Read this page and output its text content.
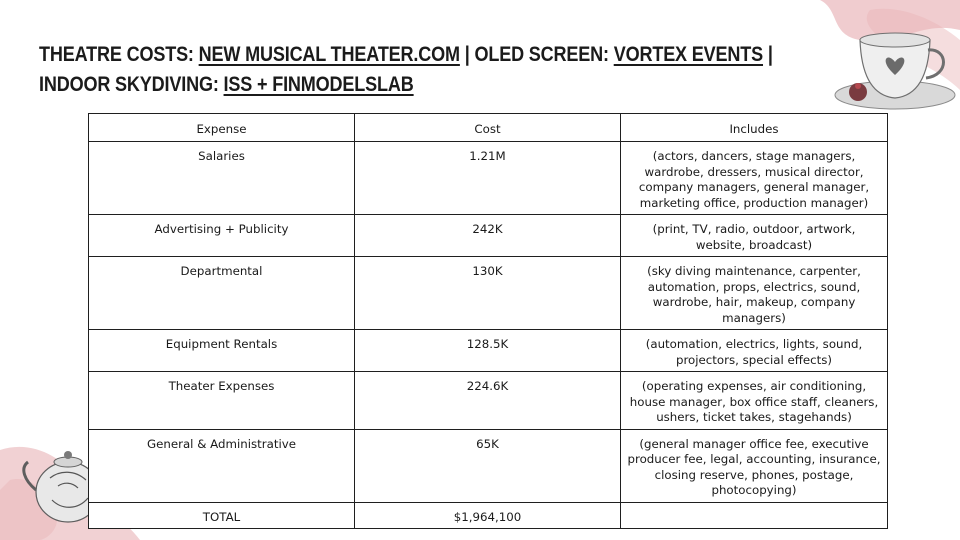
THEATRE COSTS: NEW MUSICAL THEATER.COM | OLED SCREEN: VORTEX EVENTS | INDOOR SKYDIVING: ISS + FINMODELSLAB
Expense	Cost	Includes
Salaries	1.21M	(actors, dancers, stage managers, wardrobe, dressers, musical director, company managers, general manager, marketing office, production manager)
Advertising + Publicity	242K	(print, TV, radio, outdoor, artwork, website, broadcast)
Departmental	130K	(sky diving maintenance, carpenter, automation, props, electrics, sound, wardrobe, hair, makeup, company managers)
Equipment Rentals	128.5K	(automation, electrics, lights, sound, projectors, special effects)
Theater Expenses	224.6K	(operating expenses, air conditioning, house manager, box office staff, cleaners, ushers, ticket takes, stagehands)
General & Administrative	65K	(general manager office fee, executive producer fee, legal, accounting, insurance, closing reserve, phones, postage, photocopying)
TOTAL	$1,964,100	
